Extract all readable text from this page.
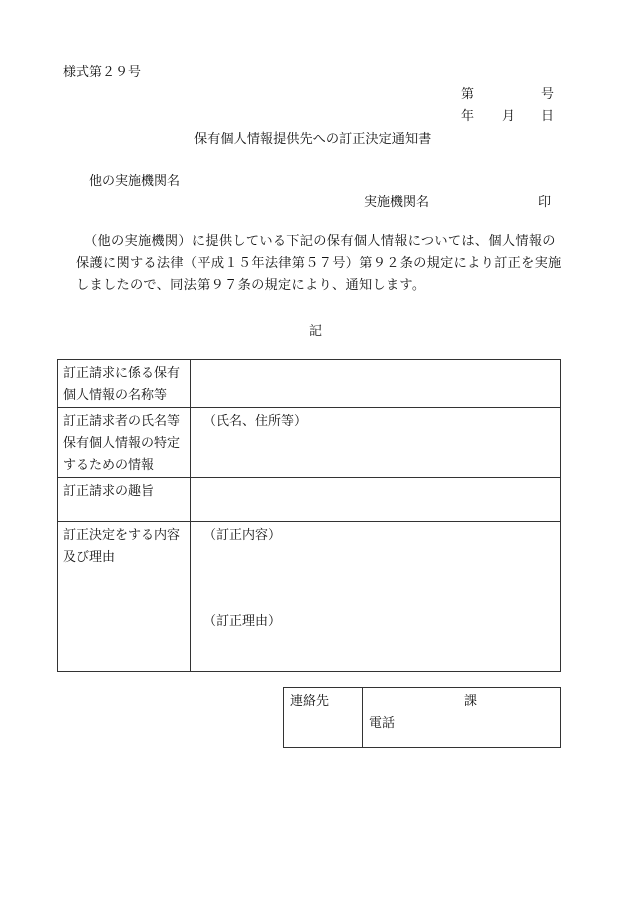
様式第２９号
第	号
年 月 日
保有個人情報提供先への訂正決定通知書
他の実施機関名
実施機関名	印
（他の実施機関）に提供している下記の保有個人情報については、個人情報の
保護に関する法律（平成１５年法律第５７号）第９２条の規定により訂正を実施
しましたので、同法第９７条の規定により、通知します。
記
訂正請求に係る保有
個人情報の名称等	

訂正請求者の氏名等
保有個人情報の特定
するための情報	（氏名、住所等）

訂正請求の趣旨	

訂正決定をする内容
及び理由	（訂正内容）
（訂正理由）
連絡先	課
電話
